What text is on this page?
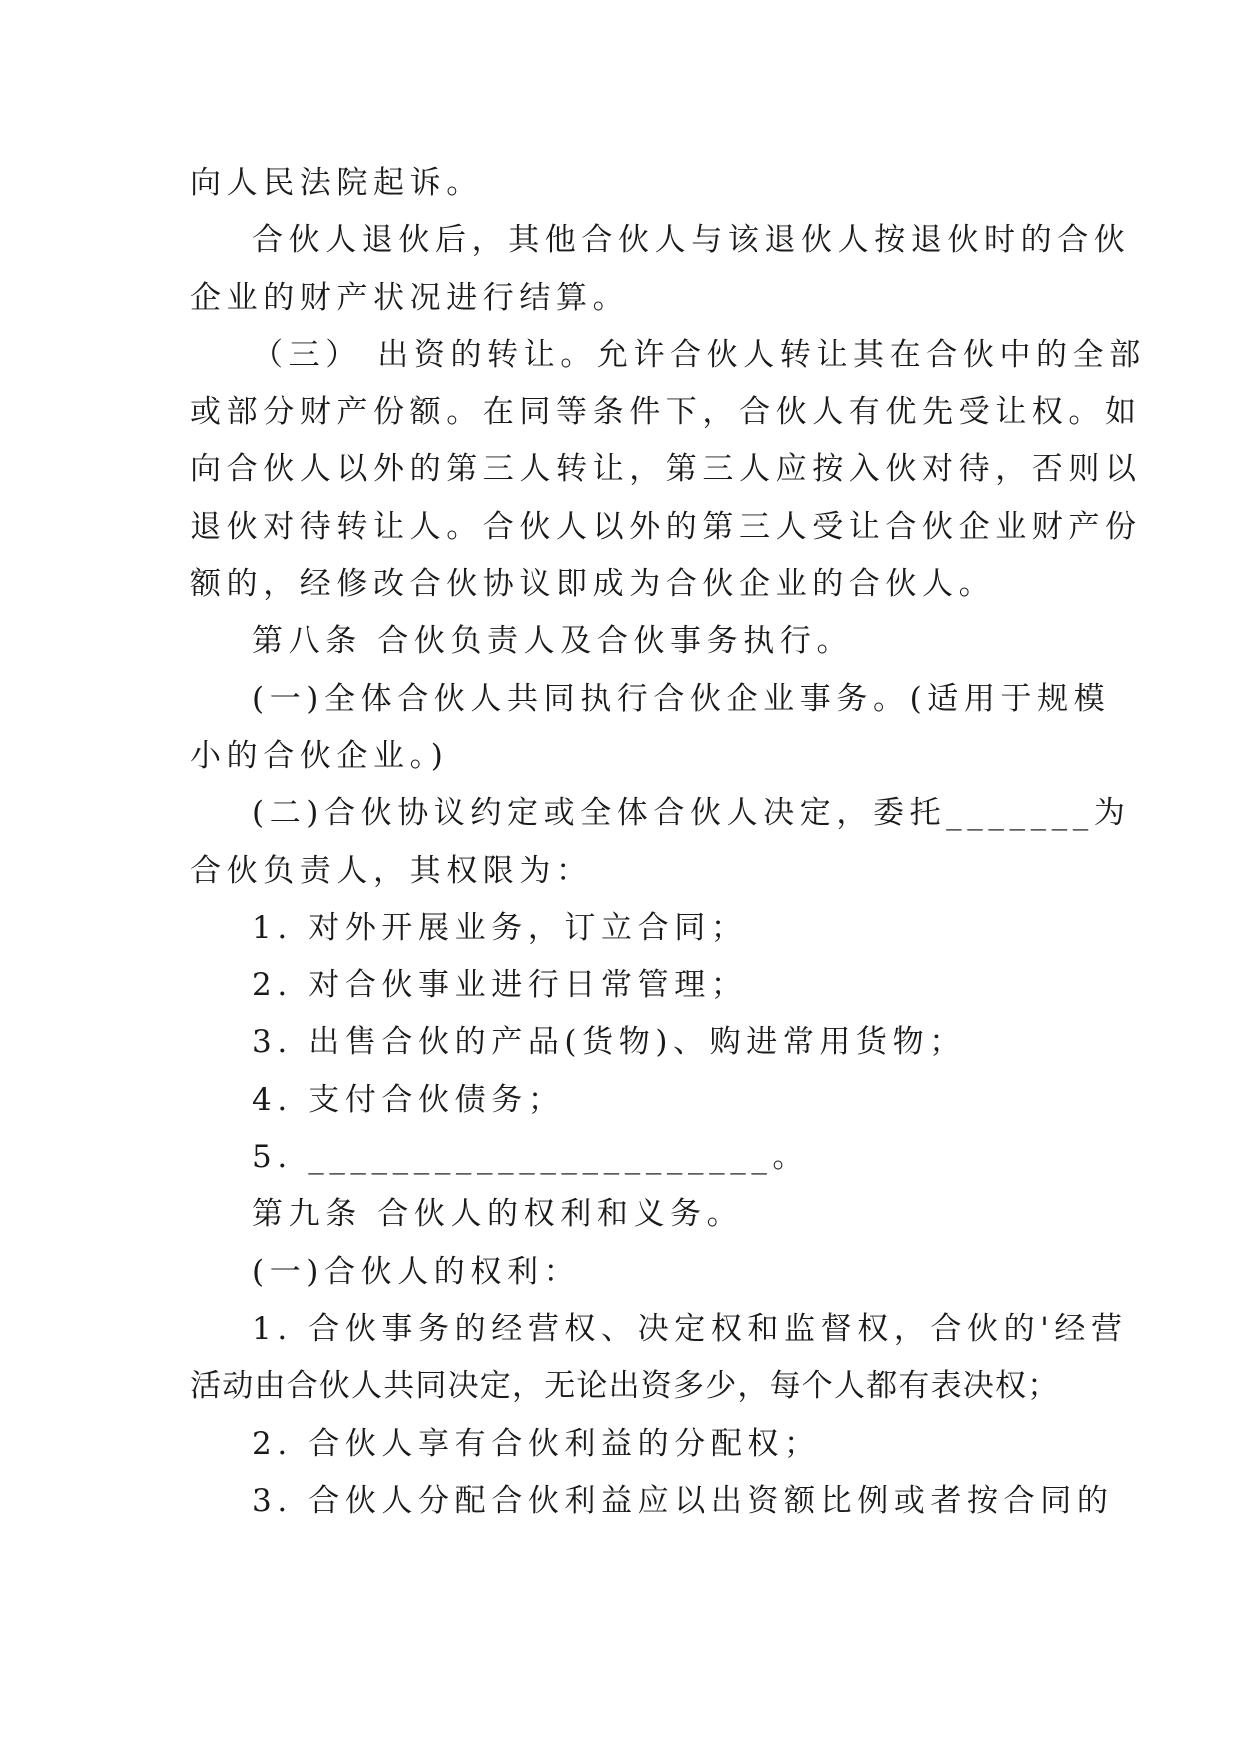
向人民法院起诉。
合伙人退伙后，其他合伙人与该退伙人按退伙时的合伙
企业的财产状况进行结算。
（三） 出资的转让。允许合伙人转让其在合伙中的全部
或部分财产份额。在同等条件下，合伙人有优先受让权。如
向合伙人以外的第三人转让，第三人应按入伙对待，否则以
退伙对待转让人。合伙人以外的第三人受让合伙企业财产份
额的，经修改合伙协议即成为合伙企业的合伙人。
第八条 合伙负责人及合伙事务执行。
(一)全体合伙人共同执行合伙企业事务。(适用于规模
小的合伙企业。)
(二)合伙协议约定或全体合伙人决定，委托_______为
合伙负责人，其权限为：
1. 对外开展业务，订立合同；
2. 对合伙事业进行日常管理；
3. 出售合伙的产品(货物)、购进常用货物；
4. 支付合伙债务；
5. ______________________。
第九条 合伙人的权利和义务。
(一)合伙人的权利：
1. 合伙事务的经营权、决定权和监督权，合伙的'经营
活动由合伙人共同决定，无论出资多少，每个人都有表决权；
2. 合伙人享有合伙利益的分配权；
3. 合伙人分配合伙利益应以出资额比例或者按合同的
